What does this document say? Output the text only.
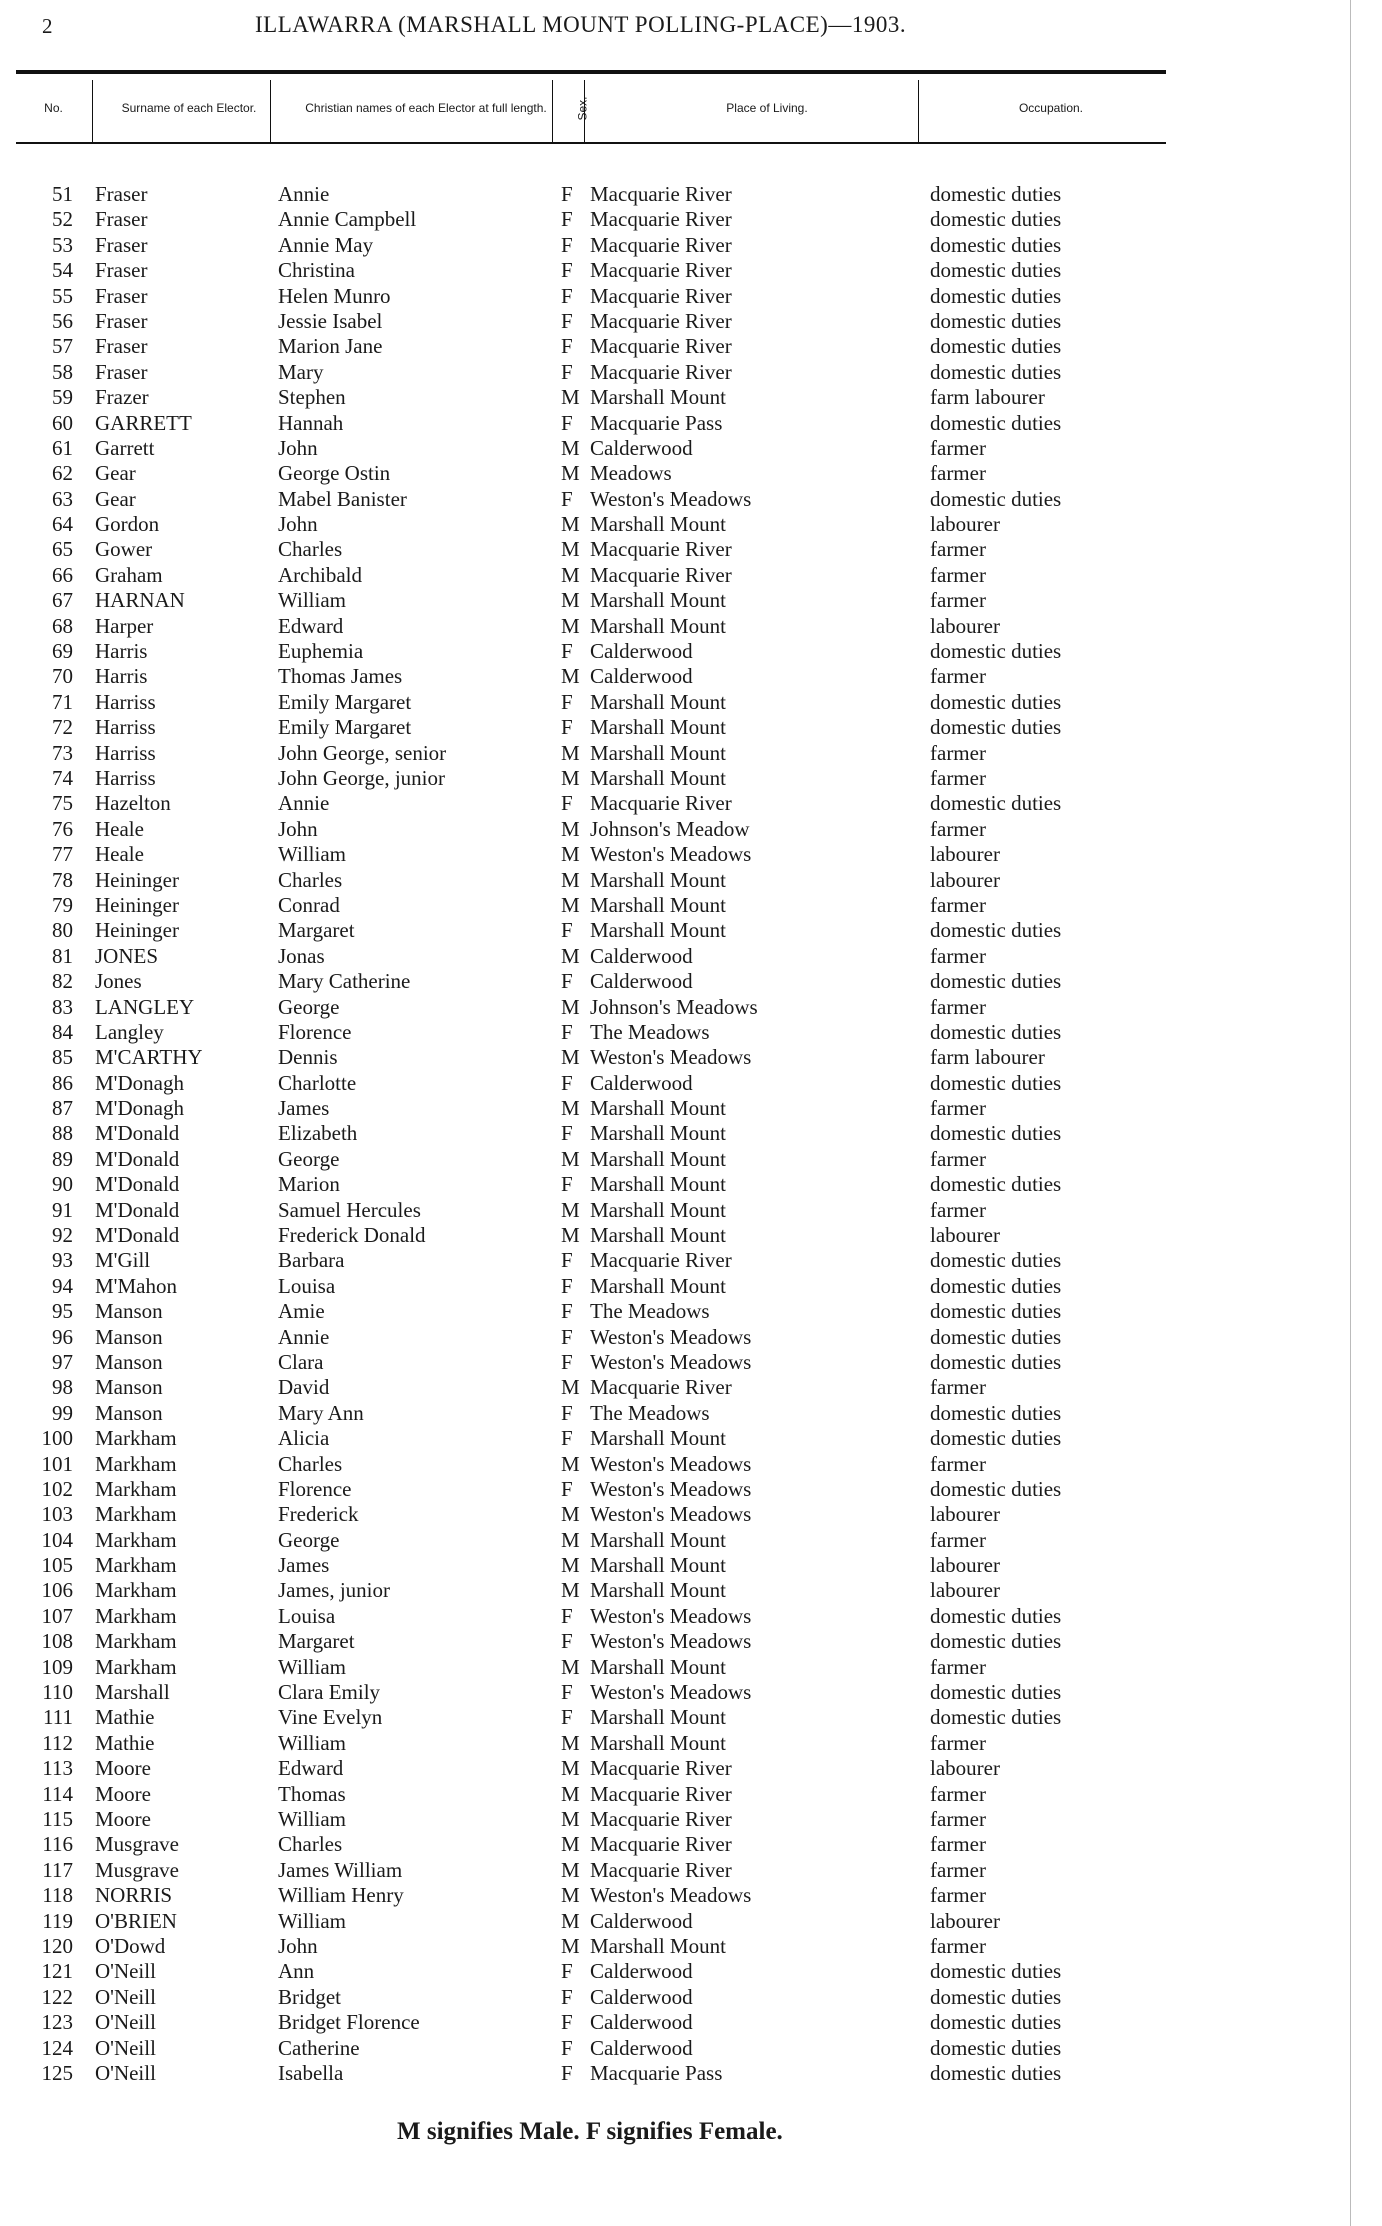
2	ILLAWARRA (MARSHALL MOUNT POLLING-PLACE)—1903.
No.	Surname of each Elector.	Christian names of each Elector at full length.	Sex.	Place of Living.	Occupation.
51 Fraser	Annie	F Macquarie River	domestic duties
52 Fraser	Annie Campbell	F Macquarie River	domestic duties
53 Fraser	Annie May	F Macquarie River	domestic duties
54 Fraser	Christina	F Macquarie River	domestic duties
55 Fraser	Helen Munro	F Macquarie River	domestic duties
56 Fraser	Jessie Isabel	F Macquarie River	domestic duties
57 Fraser	Marion Jane	F Macquarie River	domestic duties
58 Fraser	Mary	F Macquarie River	domestic duties
59 Frazer	Stephen	M Marshall Mount	farm labourer
60 GARRETT	Hannah	F Macquarie Pass	domestic duties
61 Garrett	John	M Calderwood	farmer
62 Gear	George Ostin	M Meadows	farmer
63 Gear	Mabel Banister	F Weston's Meadows	domestic duties
64 Gordon	John	M Marshall Mount	labourer
65 Gower	Charles	M Macquarie River	farmer
66 Graham	Archibald	M Macquarie River	farmer
67 HARNAN	William	M Marshall Mount	farmer
68 Harper	Edward	M Marshall Mount	labourer
69 Harris	Euphemia	F Calderwood	domestic duties
70 Harris	Thomas James	M Calderwood	farmer
71 Harriss	Emily Margaret	F Marshall Mount	domestic duties
72 Harriss	Emily Margaret	F Marshall Mount	domestic duties
73 Harriss	John George, senior	M Marshall Mount	farmer
74 Harriss	John George, junior	M Marshall Mount	farmer
75 Hazelton	Annie	F Macquarie River	domestic duties
76 Heale	John	M Johnson's Meadow	farmer
77 Heale	William	M Weston's Meadows	labourer
78 Heininger	Charles	M Marshall Mount	labourer
79 Heininger	Conrad	M Marshall Mount	farmer
80 Heininger	Margaret	F Marshall Mount	domestic duties
81 JONES	Jonas	M Calderwood	farmer
82 Jones	Mary Catherine	F Calderwood	domestic duties
83 LANGLEY	George	M Johnson's Meadows	farmer
84 Langley	Florence	F The Meadows	domestic duties
85 M'CARTHY	Dennis	M Weston's Meadows	farm labourer
86 M'Donagh	Charlotte	F Calderwood	domestic duties
87 M'Donagh	James	M Marshall Mount	farmer
88 M'Donald	Elizabeth	F Marshall Mount	domestic duties
89 M'Donald	George	M Marshall Mount	farmer
90 M'Donald	Marion	F Marshall Mount	domestic duties
91 M'Donald	Samuel Hercules	M Marshall Mount	farmer
92 M'Donald	Frederick Donald	M Marshall Mount	labourer
93 M'Gill	Barbara	F Macquarie River	domestic duties
94 M'Mahon	Louisa	F Marshall Mount	domestic duties
95 Manson	Amie	F The Meadows	domestic duties
96 Manson	Annie	F Weston's Meadows	domestic duties
97 Manson	Clara	F Weston's Meadows	domestic duties
98 Manson	David	M Macquarie River	farmer
99 Manson	Mary Ann	F The Meadows	domestic duties
100 Markham	Alicia	F Marshall Mount	domestic duties
101 Markham	Charles	M Weston's Meadows	farmer
102 Markham	Florence	F Weston's Meadows	domestic duties
103 Markham	Frederick	M Weston's Meadows	labourer
104 Markham	George	M Marshall Mount	farmer
105 Markham	James	M Marshall Mount	labourer
106 Markham	James, junior	M Marshall Mount	labourer
107 Markham	Louisa	F Weston's Meadows	domestic duties
108 Markham	Margaret	F Weston's Meadows	domestic duties
109 Markham	William	M Marshall Mount	farmer
110 Marshall	Clara Emily	F Weston's Meadows	domestic duties
111 Mathie	Vine Evelyn	F Marshall Mount	domestic duties
112 Mathie	William	M Marshall Mount	farmer
113 Moore	Edward	M Macquarie River	labourer
114 Moore	Thomas	M Macquarie River	farmer
115 Moore	William	M Macquarie River	farmer
116 Musgrave	Charles	M Macquarie River	farmer
117 Musgrave	James William	M Macquarie River	farmer
118 NORRIS	William Henry	M Weston's Meadows	farmer
119 O'BRIEN	William	M Calderwood	labourer
120 O'Dowd	John	M Marshall Mount	farmer
121 O'Neill	Ann	F Calderwood	domestic duties
122 O'Neill	Bridget	F Calderwood	domestic duties
123 O'Neill	Bridget Florence	F Calderwood	domestic duties
124 O'Neill	Catherine	F Calderwood	domestic duties
125 O'Neill	Isabella	F Macquarie Pass	domestic duties
M signifies Male. F signifies Female.
